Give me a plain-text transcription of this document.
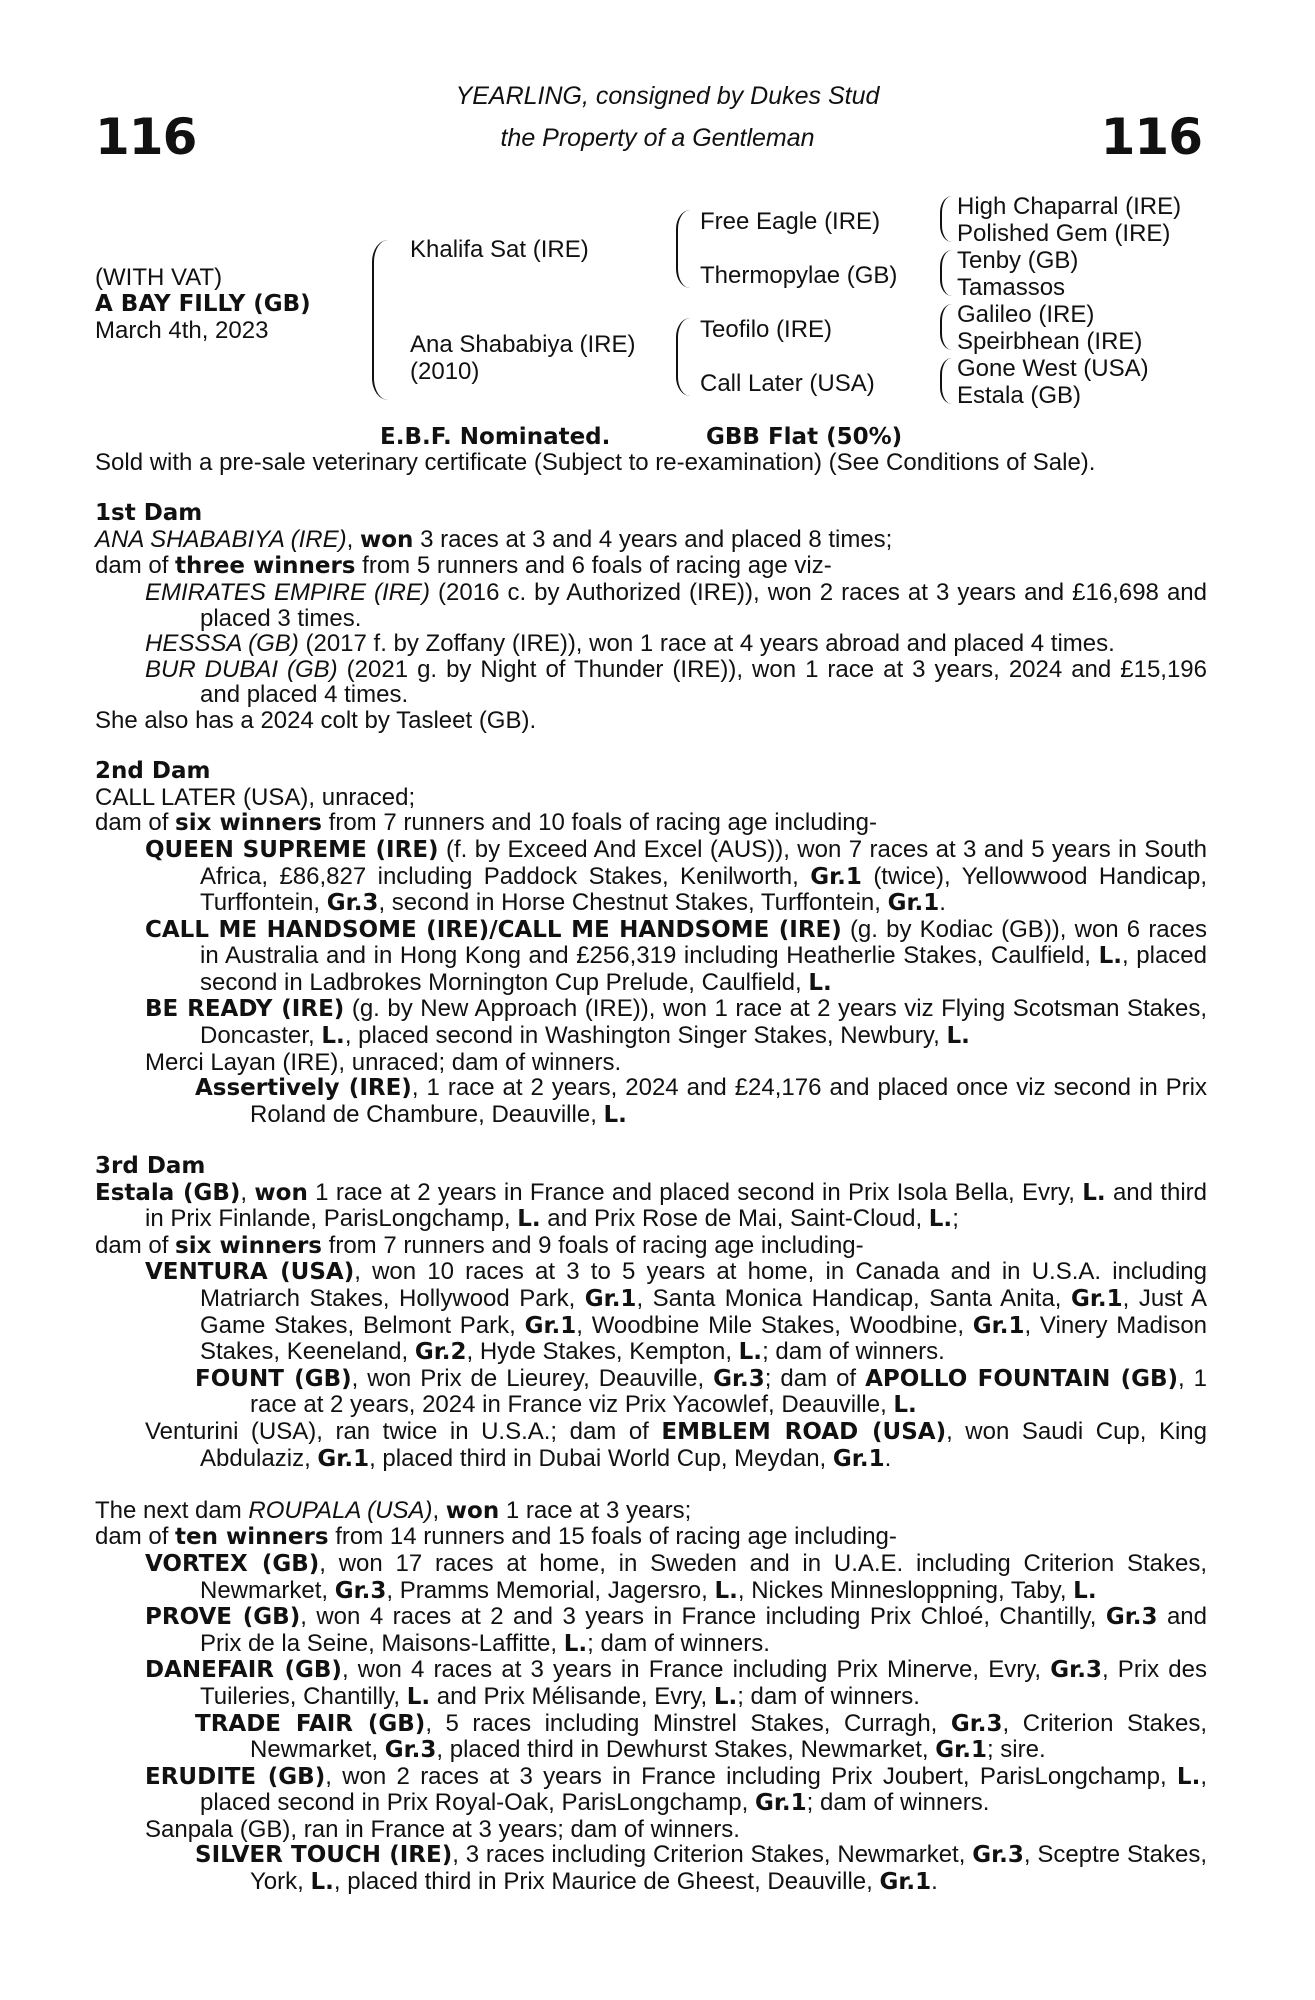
116	116
YEARLING, consigned by Dukes Stud
the Property of a Gentleman
(WITH VAT)
A BAY FILLY (GB)
March 4th, 2023
Khalifa Sat (IRE)
Ana Shababiya (IRE)
(2010)
Free Eagle (IRE)
Thermopylae (GB)
Teofilo (IRE)
Call Later (USA)
High Chaparral (IRE)
Polished Gem (IRE)
Tenby (GB)
Tamassos
Galileo (IRE)
Speirbhean (IRE)
Gone West (USA)
Estala (GB)
E.B.F. Nominated.	GBB Flat (50%)

Sold with a pre-sale veterinary certificate (Subject to re-examination) (See Conditions of Sale).

1st Dam

ANA SHABABIYA (IRE), won 3 races at 3 and 4 years and placed 8 times;

dam of three winners from 5 runners and 6 foals of racing age viz-

EMIRATES EMPIRE (IRE) (2016 c. by Authorized (IRE)), won 2 races at 3 years and £16,698 and placed 3 times.

HESSSA (GB) (2017 f. by Zoffany (IRE)), won 1 race at 4 years abroad and placed 4 times.

BUR DUBAI (GB) (2021 g. by Night of Thunder (IRE)), won 1 race at 3 years, 2024 and £15,196 and placed 4 times.

She also has a 2024 colt by Tasleet (GB).

2nd Dam

CALL LATER (USA), unraced;

dam of six winners from 7 runners and 10 foals of racing age including-

QUEEN SUPREME (IRE) (f. by Exceed And Excel (AUS)), won 7 races at 3 and 5 years in South Africa, £86,827 including Paddock Stakes, Kenilworth, Gr.1 (twice), Yellowwood Handicap, Turffontein, Gr.3, second in Horse Chestnut Stakes, Turffontein, Gr.1.

CALL ME HANDSOME (IRE)/CALL ME HANDSOME (IRE) (g. by Kodiac (GB)), won 6 races in Australia and in Hong Kong and £256,319 including Heatherlie Stakes, Caulfield, L., placed second in Ladbrokes Mornington Cup Prelude, Caulfield, L.

BE READY (IRE) (g. by New Approach (IRE)), won 1 race at 2 years viz Flying Scotsman Stakes, Doncaster, L., placed second in Washington Singer Stakes, Newbury, L.

Merci Layan (IRE), unraced; dam of winners.

Assertively (IRE), 1 race at 2 years, 2024 and £24,176 and placed once viz second in Prix Roland de Chambure, Deauville, L.

3rd Dam

Estala (GB), won 1 race at 2 years in France and placed second in Prix Isola Bella, Evry, L. and third in Prix Finlande, ParisLongchamp, L. and Prix Rose de Mai, Saint-Cloud, L.;

dam of six winners from 7 runners and 9 foals of racing age including-

VENTURA (USA), won 10 races at 3 to 5 years at home, in Canada and in U.S.A. including Matriarch Stakes, Hollywood Park, Gr.1, Santa Monica Handicap, Santa Anita, Gr.1, Just A Game Stakes, Belmont Park, Gr.1, Woodbine Mile Stakes, Woodbine, Gr.1, Vinery Madison Stakes, Keeneland, Gr.2, Hyde Stakes, Kempton, L.; dam of winners.

FOUNT (GB), won Prix de Lieurey, Deauville, Gr.3; dam of APOLLO FOUNTAIN (GB), 1 race at 2 years, 2024 in France viz Prix Yacowlef, Deauville, L.

Venturini (USA), ran twice in U.S.A.; dam of EMBLEM ROAD (USA), won Saudi Cup, King Abdulaziz, Gr.1, placed third in Dubai World Cup, Meydan, Gr.1.

The next dam ROUPALA (USA), won 1 race at 3 years;

dam of ten winners from 14 runners and 15 foals of racing age including-

VORTEX (GB), won 17 races at home, in Sweden and in U.A.E. including Criterion Stakes, Newmarket, Gr.3, Pramms Memorial, Jagersro, L., Nickes Minnesloppning, Taby, L.

PROVE (GB), won 4 races at 2 and 3 years in France including Prix Chloé, Chantilly, Gr.3 and Prix de la Seine, Maisons-Laffitte, L.; dam of winners.

DANEFAIR (GB), won 4 races at 3 years in France including Prix Minerve, Evry, Gr.3, Prix des Tuileries, Chantilly, L. and Prix Mélisande, Evry, L.; dam of winners.

TRADE FAIR (GB), 5 races including Minstrel Stakes, Curragh, Gr.3, Criterion Stakes, Newmarket, Gr.3, placed third in Dewhurst Stakes, Newmarket, Gr.1; sire.

ERUDITE (GB), won 2 races at 3 years in France including Prix Joubert, ParisLongchamp, L., placed second in Prix Royal-Oak, ParisLongchamp, Gr.1; dam of winners.

Sanpala (GB), ran in France at 3 years; dam of winners.

SILVER TOUCH (IRE), 3 races including Criterion Stakes, Newmarket, Gr.3, Sceptre Stakes, York, L., placed third in Prix Maurice de Gheest, Deauville, Gr.1.
